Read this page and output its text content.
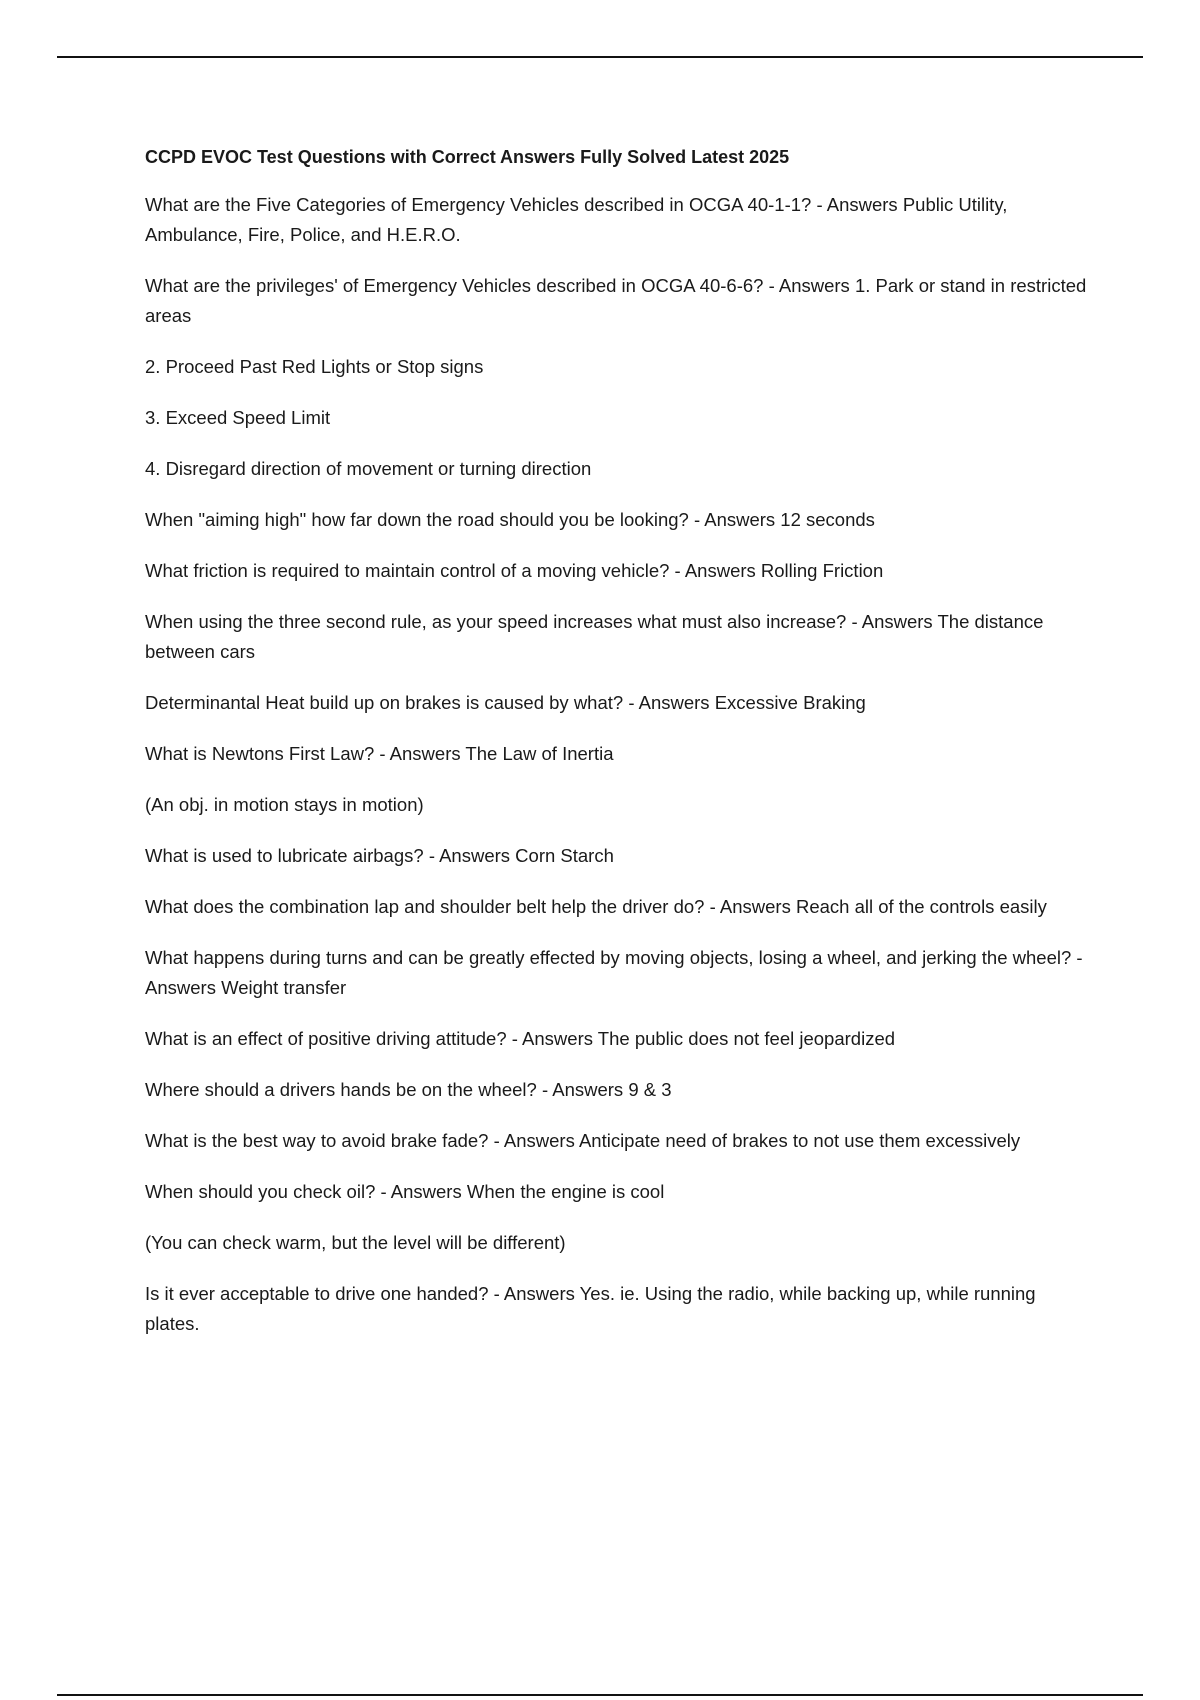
CCPD EVOC Test Questions with Correct Answers Fully Solved Latest 2025
What are the Five Categories of Emergency Vehicles described in OCGA 40-1-1? - Answers Public Utility, Ambulance, Fire, Police, and H.E.R.O.
What are the privileges' of Emergency Vehicles described in OCGA 40-6-6? - Answers 1. Park or stand in restricted areas
2. Proceed Past Red Lights or Stop signs
3. Exceed Speed Limit
4. Disregard direction of movement or turning direction
When "aiming high" how far down the road should you be looking? - Answers 12 seconds
What friction is required to maintain control of a moving vehicle? - Answers Rolling Friction
When using the three second rule, as your speed increases what must also increase? - Answers The distance between cars
Determinantal Heat build up on brakes is caused by what? - Answers Excessive Braking
What is Newtons First Law? - Answers The Law of Inertia
(An obj. in motion stays in motion)
What is used to lubricate airbags? - Answers Corn Starch
What does the combination lap and shoulder belt help the driver do? - Answers Reach all of the controls easily
What happens during turns and can be greatly effected by moving objects, losing a wheel, and jerking the wheel? - Answers Weight transfer
What is an effect of positive driving attitude? - Answers The public does not feel jeopardized
Where should a drivers hands be on the wheel? - Answers 9 & 3
What is the best way to avoid brake fade? - Answers Anticipate need of brakes to not use them excessively
When should you check oil? - Answers When the engine is cool
(You can check warm, but the level will be different)
Is it ever acceptable to drive one handed? - Answers Yes. ie. Using the radio, while backing up, while running plates.
